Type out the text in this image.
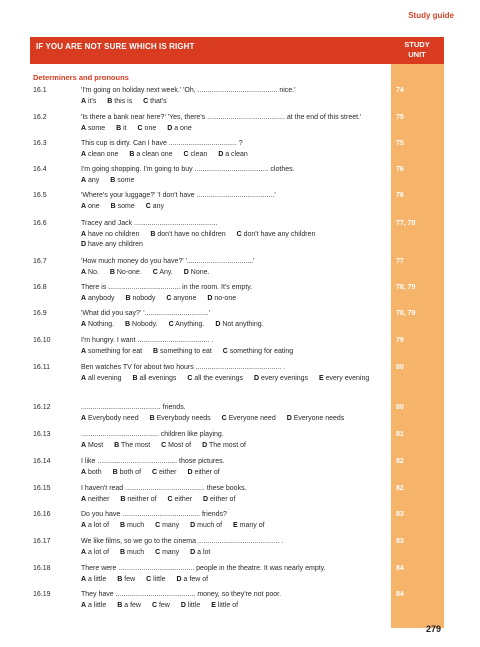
Study guide
IF YOU ARE NOT SURE WHICH IS RIGHT	STUDY
UNIT
Determiners and pronouns
16.1	'I'm going on holiday next week.' 'Oh, ......................................... nice.'
A it's B this is C that's
74
16.2	'Is there a bank near here?' 'Yes, there's ........................................ at the end of this street.'
A some B it C one D a one
75
16.3	This cup is dirty. Can I have ................................... ?
A clean one B a clean one C clean D a clean
75
16.4	I'm going shopping. I'm going to buy ...................................... clothes.
A any B some
76
16.5	'Where's your luggage?' 'I don't have ........................................'
A one B some C any
76
16.6	Tracey and Jack ...........................................
A have no children B don't have no children C don't have any children D have any children
77, 78
16.7	'How much money do you have?' '..................................'
A No. B No-one. C Any. D None.
77
16.8	There is ..................................... in the room. It's empty.
A anybody B nobody C anyone D no-one
78, 79
16.9	'What did you say?' '.................................'
A Nothing. B Nobody. C Anything. D Not anything.
78, 79
16.10	I'm hungry. I want ..................................... .
A something for eat B something to eat C something for eating
79
16.11	Ben watches TV for about two hours ............................................ .
A all evening B all evenings C all the evenings D every evenings E every evening
80
16.12	......................................... friends.
A Everybody need B Everybody needs C Everyone need D Everyone needs
80
16.13	........................................ children like playing.
A Most B The most C Most of D The most of
81
16.14	I like ......................................... those pictures.
A both B both of C either D either of
82
16.15	I haven't read ......................................... these books.
A neither B neither of C either D either of
82
16.16	Do you have ........................................ friends?
A a lot of B much C many D much of E many of
83
16.17	We like films, so we go to the cinema .......................................... .
A a lot of B much C many D a lot
83
16.18	There were ....................................... people in the theatre. It was nearly empty.
A a little B few C little D a few of
84
16.19	They have ......................................... money, so they're not poor.
A a little B a few C few D little E little of
84
279
